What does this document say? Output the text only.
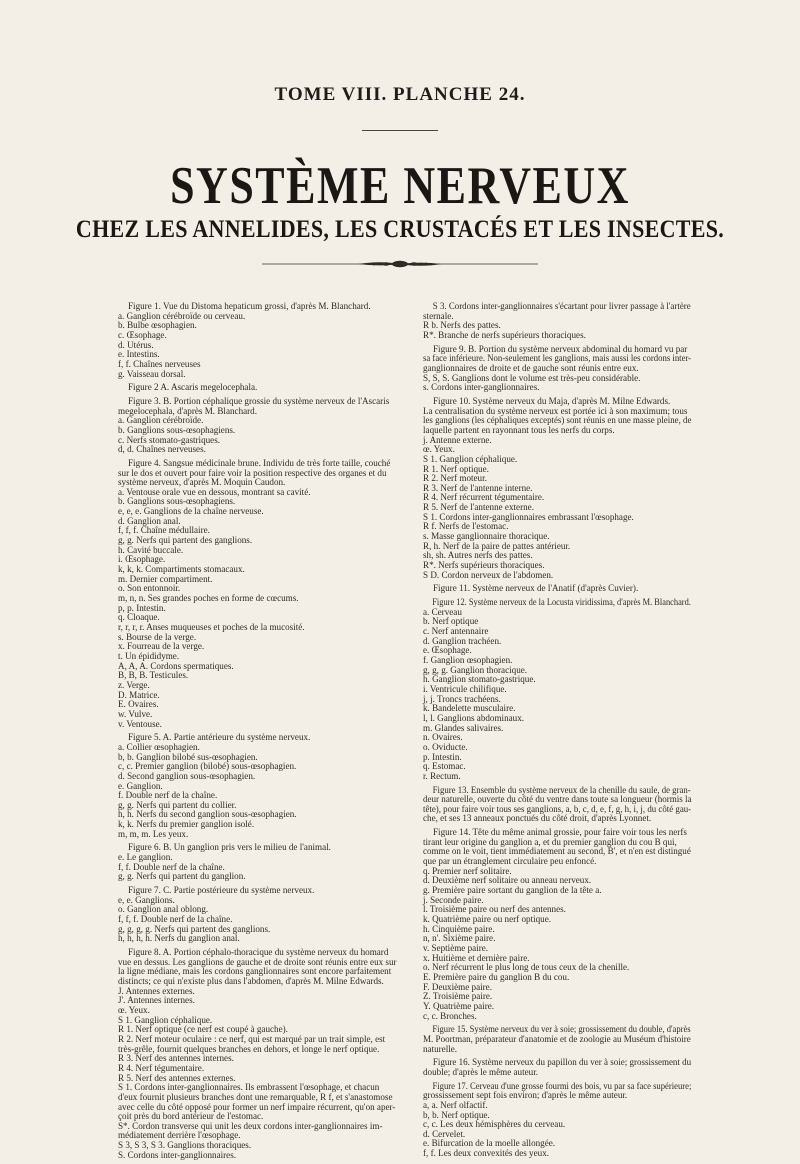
TOME VIII. PLANCHE 24.
SYSTÈME NERVEUX
CHEZ LES ANNELIDES, LES CRUSTACÉS ET LES INSECTES.
Figure 1. Vue du Distoma hepaticum grossi, d'après M. Blanchard.
a. Ganglion cérébroïde ou cerveau.
b. Bulbe œsophagien.
c. Œsophage.
d. Utérus.
e. Intestins.
f, f. Chaînes nerveuses
g. Vaisseau dorsal.
Figure 2 A. Ascaris megelocephala.
Figure 3. B. Portion céphalique grossie du système nerveux de l'Ascaris
megelocephala, d'après M. Blanchard.
a. Ganglion cérébroïde.
b. Ganglions sous-œsophagiens.
c. Nerfs stomato-gastriques.
d, d. Chaînes nerveuses.
Figure 4. Sangsue médicinale brune. Individu de très forte taille, couché
sur le dos et ouvert pour faire voir la position respective des organes et du
système nerveux, d'après M. Moquin Caudon.
a. Ventouse orale vue en dessous, montrant sa cavité.
b. Ganglions sous-œsophagiens.
e, e, e. Ganglions de la chaîne nerveuse.
d. Ganglion anal.
f, f, f. Chaîne médullaire.
g, g. Nerfs qui partent des ganglions.
h. Cavité buccale.
i. Œsophage.
k, k, k. Compartiments stomacaux.
m. Dernier compartiment.
o. Son entonnoir.
m, n, n. Ses grandes poches en forme de cœcums.
p, p. Intestin.
q. Cloaque.
r, r, r, r. Anses muqueuses et poches de la mucosité.
s. Bourse de la verge.
x. Fourreau de la verge.
t. Un épididyme.
A, A, A. Cordons spermatiques.
B, B, B. Testicules.
z. Verge.
D. Matrice.
E. Ovaires.
w. Vulve.
v. Ventouse.
Figure 5. A. Partie antérieure du système nerveux.
a. Collier œsophagien.
b, b. Ganglion bilobé sus-œsophagien.
c, c. Premier ganglion (bilobé) sous-œsophagien.
d. Second ganglion sous-œsophagien.
e. Ganglion.
f. Double nerf de la chaîne.
g, g. Nerfs qui partent du collier.
h, h. Nerfs du second ganglion sous-œsophagien.
k, k. Nerfs du premier ganglion isolé.
m, m, m. Les yeux.
Figure 6. B. Un ganglion pris vers le milieu de l'animal.
e. Le ganglion.
f, f. Double nerf de la chaîne.
g, g. Nerfs qui partent du ganglion.
Figure 7. C. Partie postérieure du système nerveux.
e, e. Ganglions.
o. Ganglion anal oblong.
f, f, f. Double nerf de la chaîne.
g, g, g, g. Nerfs qui partent des ganglions.
h, h, h, h. Nerfs du ganglion anal.
Figure 8. A. Portion céphalo-thoracique du système nerveux du homard
vue en dessus. Les ganglions de gauche et de droite sont réunis entre eux sur
la ligne médiane, mais les cordons ganglionnaires sont encore parfaitement
distincts; ce qui n'existe plus dans l'abdomen, d'après M. Milne Edwards.
J. Antennes externes.
J'. Antennes internes.
œ. Yeux.
S 1. Ganglion céphalique.
R 1. Nerf optique (ce nerf est coupé à gauche).
R 2. Nerf moteur oculaire : ce nerf, qui est marqué par un trait simple, est
très-grêle, fournit quelques branches en dehors, et longe le nerf optique.
R 3. Nerf des antennes internes.
R 4. Nerf tégumentaire.
R 5. Nerf des antennes externes.
S 1. Cordons inter-ganglionnaires. Ils embrassent l'œsophage, et chacun
d'eux fournit plusieurs branches dont une remarquable, R f, et s'anastomose
avec celle du côté opposé pour former un nerf impaire récurrent, qu'on aper-
çoit près du bord antérieur de l'estomac.
S*. Cordon transverse qui unit les deux cordons inter-ganglionnaires im-
médiatement derrière l'œsophage.
S 3, S 3, S 3. Ganglions thoraciques.
S. Cordons inter-ganglionnaires.
S 3. Cordons inter-ganglionnaires s'écartant pour livrer passage à l'artère
sternale.
R b. Nerfs des pattes.
R*. Branche de nerfs supérieurs thoraciques.
Figure 9. B. Portion du système nerveux abdominal du homard vu par
sa face inférieure. Non-seulement les ganglions, mais aussi les cordons inter-
ganglionnaires de droite et de gauche sont réunis entre eux.
S, S, S. Ganglions dont le volume est très-peu considérable.
s. Cordons inter-ganglionnaires.
Figure 10. Système nerveux du Maja, d'après M. Milne Edwards.
La centralisation du système nerveux est portée ici à son maximum; tous
les ganglions (les céphaliques exceptés) sont réunis en une masse pleine, de
laquelle partent en rayonnant tous les nerfs du corps.
j. Antenne externe.
œ. Yeux.
S 1. Ganglion céphalique.
R 1. Nerf optique.
R 2. Nerf moteur.
R 3. Nerf de l'antenne interne.
R 4. Nerf récurrent tégumentaire.
R 5. Nerf de l'antenne externe.
S 1. Cordons inter-ganglionnaires embrassant l'œsophage.
R f. Nerfs de l'estomac.
s. Masse ganglionnaire thoracique.
R, h. Nerf de la paire de pattes antérieur.
sh, sh. Autres nerfs des pattes.
R*. Nerfs supérieurs thoraciques.
S D. Cordon nerveux de l'abdomen.
Figure 11. Système nerveux de l'Anatif (d'après Cuvier).
Figure 12. Système nerveux de la Locusta viridissima, d'après M. Blanchard.
a. Cerveau
b. Nerf optique
c. Nerf antennaire
d. Ganglion trachéen.
e. Œsophage.
f. Ganglion œsophagien.
g, g, g. Ganglion thoracique.
h. Ganglion stomato-gastrique.
i. Ventricule chilifique.
j, j. Troncs trachéens.
k. Bandelette musculaire.
l, l. Ganglions abdominaux.
m. Glandes salivaires.
n. Ovaires.
o. Oviducte.
p. Intestin.
q. Estomac.
r. Rectum.
Figure 13. Ensemble du système nerveux de la chenille du saule, de gran-
deur naturelle, ouverte du côté du ventre dans toute sa longueur (hormis la
tête), pour faire voir tous ses ganglions, a, b, c, d, e, f, g, h, i, j, du côté gau-
che, et ses 13 anneaux ponctués du côté droit, d'après Lyonnet.
Figure 14. Tête du même animal grossie, pour faire voir tous les nerfs
tirant leur origine du ganglion a, et du premier ganglion du cou B qui,
comme on le voit, tient immédiatement au second, B', et n'en est distingué
que par un étranglement circulaire peu enfoncé.
q. Premier nerf solitaire.
d. Deuxième nerf solitaire ou anneau nerveux.
g. Première paire sortant du ganglion de la tête a.
j. Seconde paire.
l. Troisième paire ou nerf des antennes.
k. Quatrième paire ou nerf optique.
h. Cinquième paire.
n, n'. Sixième paire.
v. Septième paire.
x. Huitième et dernière paire.
o. Nerf récurrent le plus long de tous ceux de la chenille.
E. Première paire du ganglion B du cou.
F. Deuxième paire.
Z. Troisième paire.
Y. Quatrième paire.
c, c. Bronches.
Figure 15. Système nerveux du ver à soie; grossissement du double, d'après
M. Poortman, préparateur d'anatomie et de zoologie au Muséum d'histoire
naturelle.
Figure 16. Système nerveux du papillon du ver à soie; grossissement du
double; d'après le même auteur.
Figure 17. Cerveau d'une grosse fourmi des bois, vu par sa face supérieure;
grossissement sept fois environ; d'après le même auteur.
a, a. Nerf olfactif.
b, b. Nerf optique.
c, c. Les deux hémisphères du cerveau.
d. Cervelet.
e. Bifurcation de la moelle allongée.
f, f. Les deux convexités des yeux.
